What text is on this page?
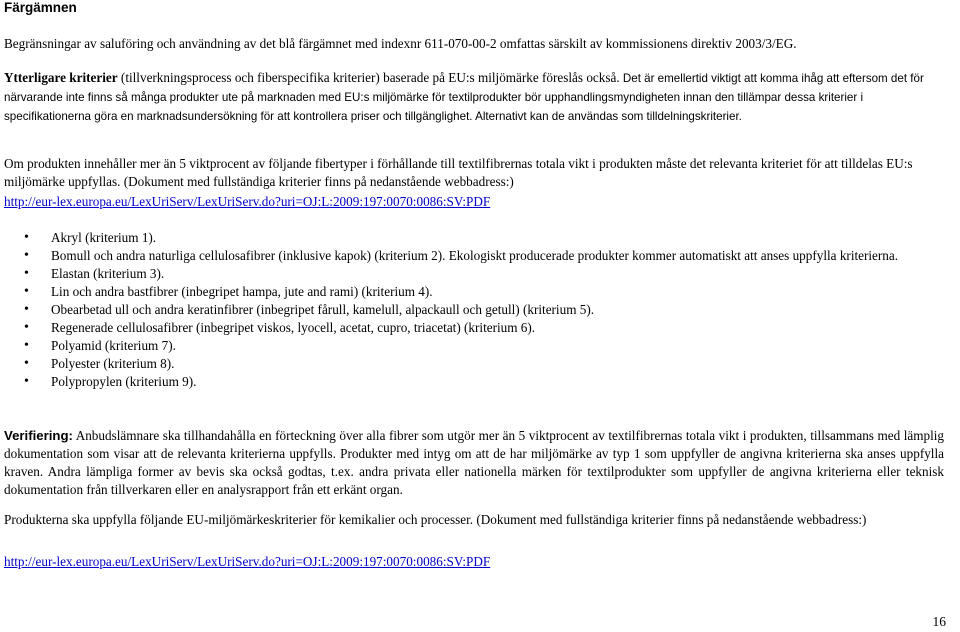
Färgämnen

Begränsningar av saluföring och användning av det blå färgämnet med indexnr 611-070-00-2 omfattas särskilt av kommissionens direktiv 2003/3/EG.

Ytterligare kriterier (tillverkningsprocess och fiberspecifika kriterier) baserade på EU:s miljömärke föreslås också. Det är emellertid viktigt att komma ihåg att eftersom det för närvarande inte finns så många produkter ute på marknaden med EU:s miljömärke för textilprodukter bör upphandlingsmyndigheten innan den tillämpar dessa kriterier i specifikationerna göra en marknadsundersökning för att kontrollera priser och tillgänglighet. Alternativt kan de användas som tilldelningskriterier.

Om produkten innehåller mer än 5 viktprocent av följande fibertyper i förhållande till textilfibrernas totala vikt i produkten måste det relevanta kriteriet för att tilldelas EU:s miljömärke uppfyllas. (Dokument med fullständiga kriterier finns på nedanstående webbadress:)

http://eur-lex.europa.eu/LexUriServ/LexUriServ.do?uri=OJ:L:2009:197:0070:0086:SV:PDF

• Akryl (kriterium 1).
• Bomull och andra naturliga cellulosafibrer (inklusive kapok) (kriterium 2). Ekologiskt producerade produkter kommer automatiskt att anses uppfylla kriterierna.
• Elastan (kriterium 3).
• Lin och andra bastfibrer (inbegripet hampa, jute and rami) (kriterium 4).
• Obearbetad ull och andra keratinfibrer (inbegripet fårull, kamelull, alpackaull och getull) (kriterium 5).
• Regenerade cellulosafibrer (inbegripet viskos, lyocell, acetat, cupro, triacetat) (kriterium 6).
• Polyamid (kriterium 7).
• Polyester (kriterium 8).
• Polypropylen (kriterium 9).

Verifiering: Anbudslämnare ska tillhandahålla en förteckning över alla fibrer som utgör mer än 5 viktprocent av textilfibrernas totala vikt i produkten, tillsammans med lämplig dokumentation som visar att de relevanta kriterierna uppfylls. Produkter med intyg om att de har miljömärke av typ 1 som uppfyller de angivna kriterierna ska anses uppfylla kraven. Andra lämpliga former av bevis ska också godtas, t.ex. andra privata eller nationella märken för textilprodukter som uppfyller de angivna kriterierna eller teknisk dokumentation från tillverkaren eller en analysrapport från ett erkänt organ.

Produkterna ska uppfylla följande EU-miljömärkeskriterier för kemikalier och processer. (Dokument med fullständiga kriterier finns på nedanstående webbadress:)

http://eur-lex.europa.eu/LexUriServ/LexUriServ.do?uri=OJ:L:2009:197:0070:0086:SV:PDF

16
